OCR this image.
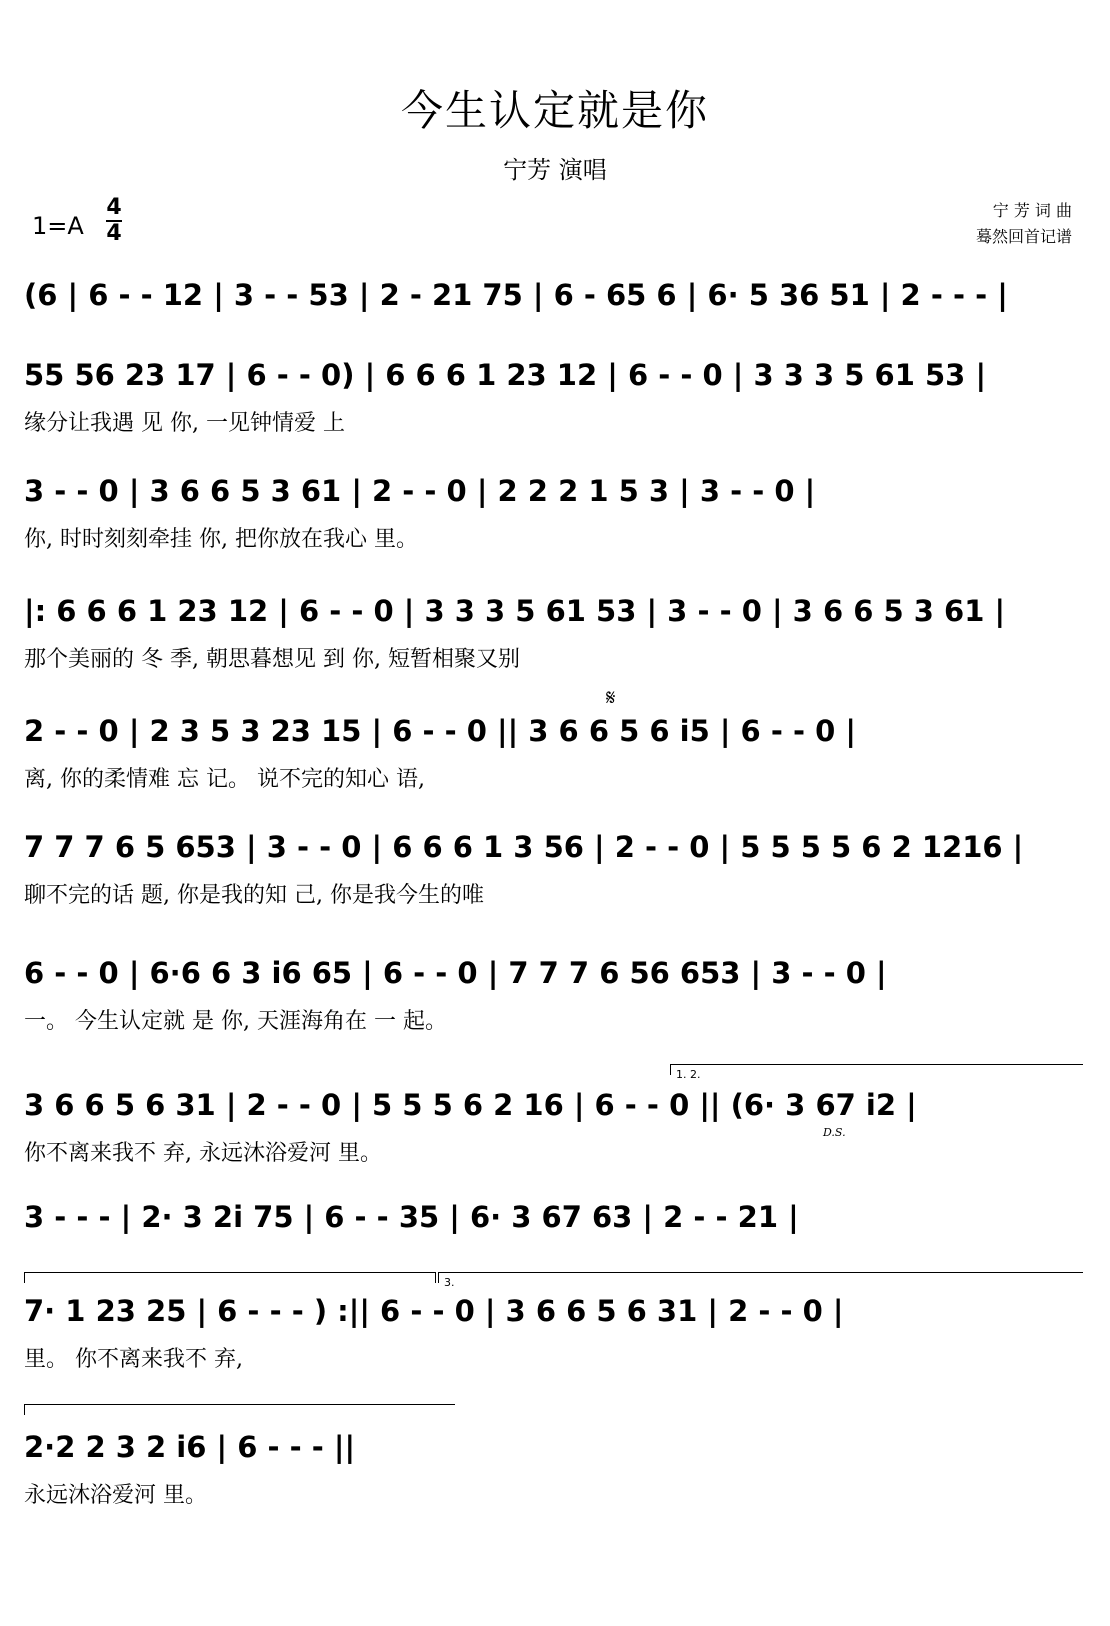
今生认定就是你
宁芳 演唱
1=A
4
4
宁 芳 词 曲
蓦然回首记谱
(6 | 6 - - 12 | 3 - - 53 | 2 - 21 75 | 6 - 65 6 | 6· 5 36 51 | 2 - - - |
55 56 23 17 | 6 - - 0) | 6 6 6 1 23 12 | 6 - - 0 | 3 3 3 5 61 53 |
缘分让我遇 见 你, 一见钟情爱 上
3 - - 0 | 3 6 6 5 3 61 | 2 - - 0 | 2 2 2 1 5 3 | 3 - - 0 |
你, 时时刻刻牵挂 你, 把你放在我心 里。
|: 6 6 6 1 23 12 | 6 - - 0 | 3 3 3 5 61 53 | 3 - - 0 | 3 6 6 5 3 61 |
那个美丽的 冬 季, 朝思暮想见 到 你, 短暂相聚又别
𝄋
2 - - 0 | 2 3 5 3 23 15 | 6 - - 0 || 3 6 6 5 6 i5 | 6 - - 0 |
离, 你的柔情难 忘 记。 说不完的知心 语,
7 7 7 6 5 653 | 3 - - 0 | 6 6 6 1 3 56 | 2 - - 0 | 5 5 5 5 6 2 1216 |
聊不完的话 题, 你是我的知 己, 你是我今生的唯
6 - - 0 | 6·6 6 3 i6 65 | 6 - - 0 | 7 7 7 6 56 653 | 3 - - 0 |
一。 今生认定就 是 你, 天涯海角在 一 起。
1. 2.
D.S.
3 6 6 5 6 31 | 2 - - 0 | 5 5 5 6 2 16 | 6 - - 0 || (6· 3 67 i2 |
你不离来我不 弃, 永远沐浴爱河 里。
3 - - - | 2· 3 2i 75 | 6 - - 35 | 6· 3 67 63 | 2 - - 21 |
3.
7· 1 23 25 | 6 - - - ) :|| 6 - - 0 | 3 6 6 5 6 31 | 2 - - 0 |
里。 你不离来我不 弃,
2·2 2 3 2 i6 | 6 - - - ||
永远沐浴爱河 里。
